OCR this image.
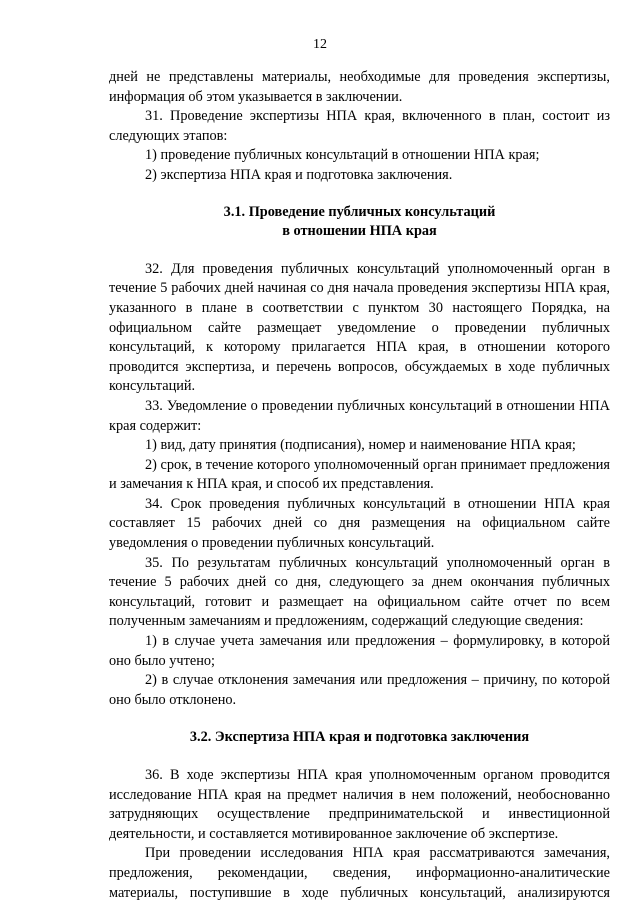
12

дней не представлены материалы, необходимые для проведения экспертизы, информация об этом указывается в заключении.

31. Проведение экспертизы НПА края, включенного в план, состоит из следующих этапов:

1) проведение публичных консультаций в отношении НПА края;

2) экспертиза НПА края и подготовка заключения.

3.1. Проведение публичных консультаций
в отношении НПА края

32. Для проведения публичных консультаций уполномоченный орган в течение 5 рабочих дней начиная со дня начала проведения экспертизы НПА края, указанного в плане в соответствии с пунктом 30 настоящего Порядка, на официальном сайте размещает уведомление о проведении публичных консультаций, к которому прилагается НПА края, в отношении которого проводится экспертиза, и перечень вопросов, обсуждаемых в ходе публичных консультаций.

33. Уведомление о проведении публичных консультаций в отношении НПА края содержит:

1) вид, дату принятия (подписания), номер и наименование НПА края;

2) срок, в течение которого уполномоченный орган принимает предложения и замечания к НПА края, и способ их представления.

34. Срок проведения публичных консультаций в отношении НПА края составляет 15 рабочих дней со дня размещения на официальном сайте уведомления о проведении публичных консультаций.

35. По результатам публичных консультаций уполномоченный орган в течение 5 рабочих дней со дня, следующего за днем окончания публичных консультаций, готовит и размещает на официальном сайте отчет по всем полученным замечаниям и предложениям, содержащий следующие сведения:

1) в случае учета замечания или предложения – формулировку, в которой оно было учтено;

2) в случае отклонения замечания или предложения – причину, по которой оно было отклонено.

3.2. Экспертиза НПА края и подготовка заключения

36. В ходе экспертизы НПА края уполномоченным органом проводится исследование НПА края на предмет наличия в нем положений, необоснованно затрудняющих осуществление предпринимательской и инвестиционной деятельности, и составляется мотивированное заключение об экспертизе.

При проведении исследования НПА края рассматриваются замечания, предложения, рекомендации, сведения, информационно-аналитические материалы, поступившие в ходе публичных консультаций, анализируются
